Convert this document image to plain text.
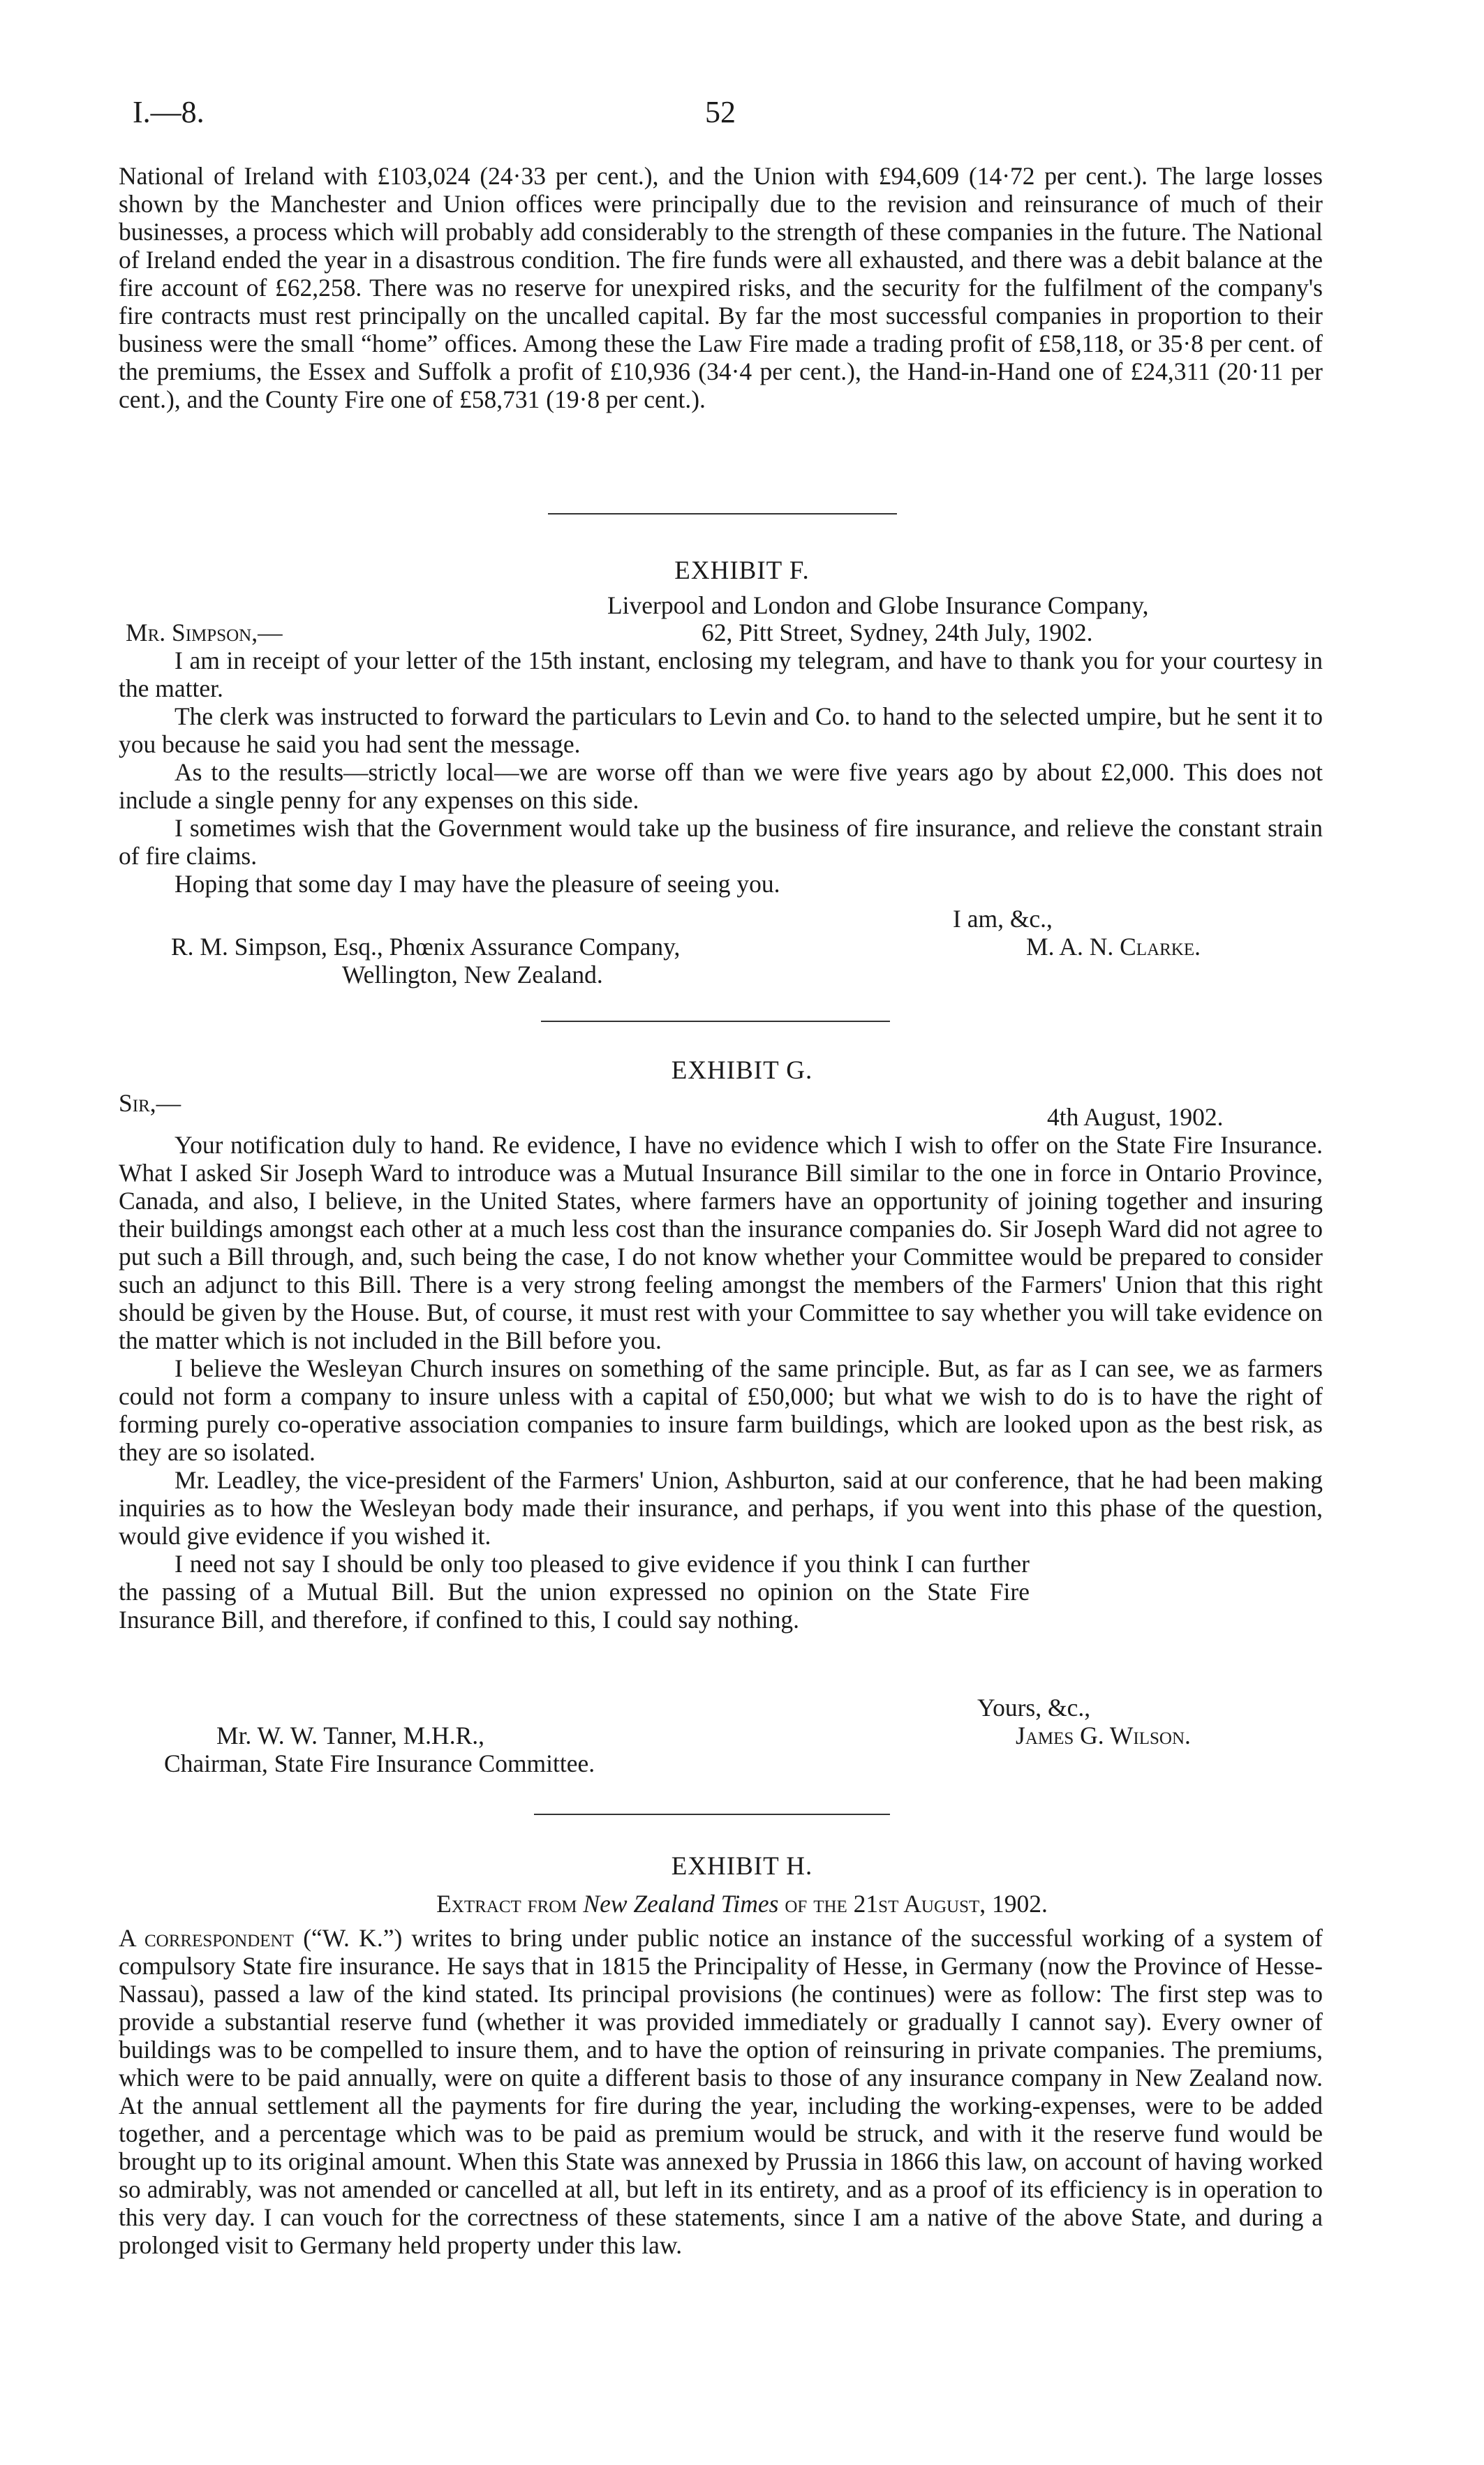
I.—8.	52

National of Ireland with £103,024 (24·33 per cent.), and the Union with £94,609 (14·72 per cent.). The large losses shown by the Manchester and Union offices were principally due to the revision and reinsurance of much of their businesses, a process which will probably add considerably to the strength of these companies in the future. The National of Ireland ended the year in a disastrous condition. The fire funds were all exhausted, and there was a debit balance at the fire account of £62,258. There was no reserve for unexpired risks, and the security for the fulfilment of the company's fire contracts must rest principally on the uncalled capital. By far the most successful companies in proportion to their business were the small “home” offices. Among these the Law Fire made a trading profit of £58,118, or 35·8 per cent. of the premiums, the Essex and Suffolk a profit of £10,936 (34·4 per cent.), the Hand-in-Hand one of £24,311 (20·11 per cent.), and the County Fire one of £58,731 (19·8 per cent.).

EXHIBIT F.
Liverpool and London and Globe Insurance Company,
Mr. Simpson,—	62, Pitt Street, Sydney, 24th July, 1902.

I am in receipt of your letter of the 15th instant, enclosing my telegram, and have to thank you for your courtesy in the matter.

The clerk was instructed to forward the particulars to Levin and Co. to hand to the selected umpire, but he sent it to you because he said you had sent the message.

As to the results—strictly local—we are worse off than we were five years ago by about £2,000. This does not include a single penny for any expenses on this side.

I sometimes wish that the Government would take up the business of fire insurance, and relieve the constant strain of fire claims.

Hoping that some day I may have the pleasure of seeing you.

I am, &c.,
R. M. Simpson, Esq., Phœnix Assurance Company,	M. A. N. Clarke.
Wellington, New Zealand.
EXHIBIT G.
Sir,—	4th August, 1902.

Your notification duly to hand. Re evidence, I have no evidence which I wish to offer on the State Fire Insurance. What I asked Sir Joseph Ward to introduce was a Mutual Insurance Bill similar to the one in force in Ontario Province, Canada, and also, I believe, in the United States, where farmers have an opportunity of joining together and insuring their buildings amongst each other at a much less cost than the insurance companies do. Sir Joseph Ward did not agree to put such a Bill through, and, such being the case, I do not know whether your Committee would be prepared to consider such an adjunct to this Bill. There is a very strong feeling amongst the members of the Farmers' Union that this right should be given by the House. But, of course, it must rest with your Committee to say whether you will take evidence on the matter which is not included in the Bill before you.

I believe the Wesleyan Church insures on something of the same principle. But, as far as I can see, we as farmers could not form a company to insure unless with a capital of £50,000; but what we wish to do is to have the right of forming purely co-operative association companies to insure farm buildings, which are looked upon as the best risk, as they are so isolated.

Mr. Leadley, the vice-president of the Farmers' Union, Ashburton, said at our conference, that he had been making inquiries as to how the Wesleyan body made their insurance, and perhaps, if you went into this phase of the question, would give evidence if you wished it.

I need not say I should be only too pleased to give evidence if you think I can further the passing of a Mutual Bill. But the union expressed no opinion on the State Fire Insurance Bill, and therefore, if confined to this, I could say nothing.

Yours, &c.,
Mr. W. W. Tanner, M.H.R.,	James G. Wilson.
Chairman, State Fire Insurance Committee.
EXHIBIT H.
Extract from New Zealand Times of the 21st August, 1902.

A correspondent (“W. K.”) writes to bring under public notice an instance of the successful working of a system of compulsory State fire insurance. He says that in 1815 the Principality of Hesse, in Germany (now the Province of Hesse-Nassau), passed a law of the kind stated. Its principal provisions (he continues) were as follow: The first step was to provide a substantial reserve fund (whether it was provided immediately or gradually I cannot say). Every owner of buildings was to be compelled to insure them, and to have the option of reinsuring in private companies. The premiums, which were to be paid annually, were on quite a different basis to those of any insurance company in New Zealand now. At the annual settlement all the payments for fire during the year, including the working-expenses, were to be added together, and a percentage which was to be paid as premium would be struck, and with it the reserve fund would be brought up to its original amount. When this State was annexed by Prussia in 1866 this law, on account of having worked so admirably, was not amended or cancelled at all, but left in its entirety, and as a proof of its efficiency is in operation to this very day. I can vouch for the correctness of these statements, since I am a native of the above State, and during a prolonged visit to Germany held property under this law.
